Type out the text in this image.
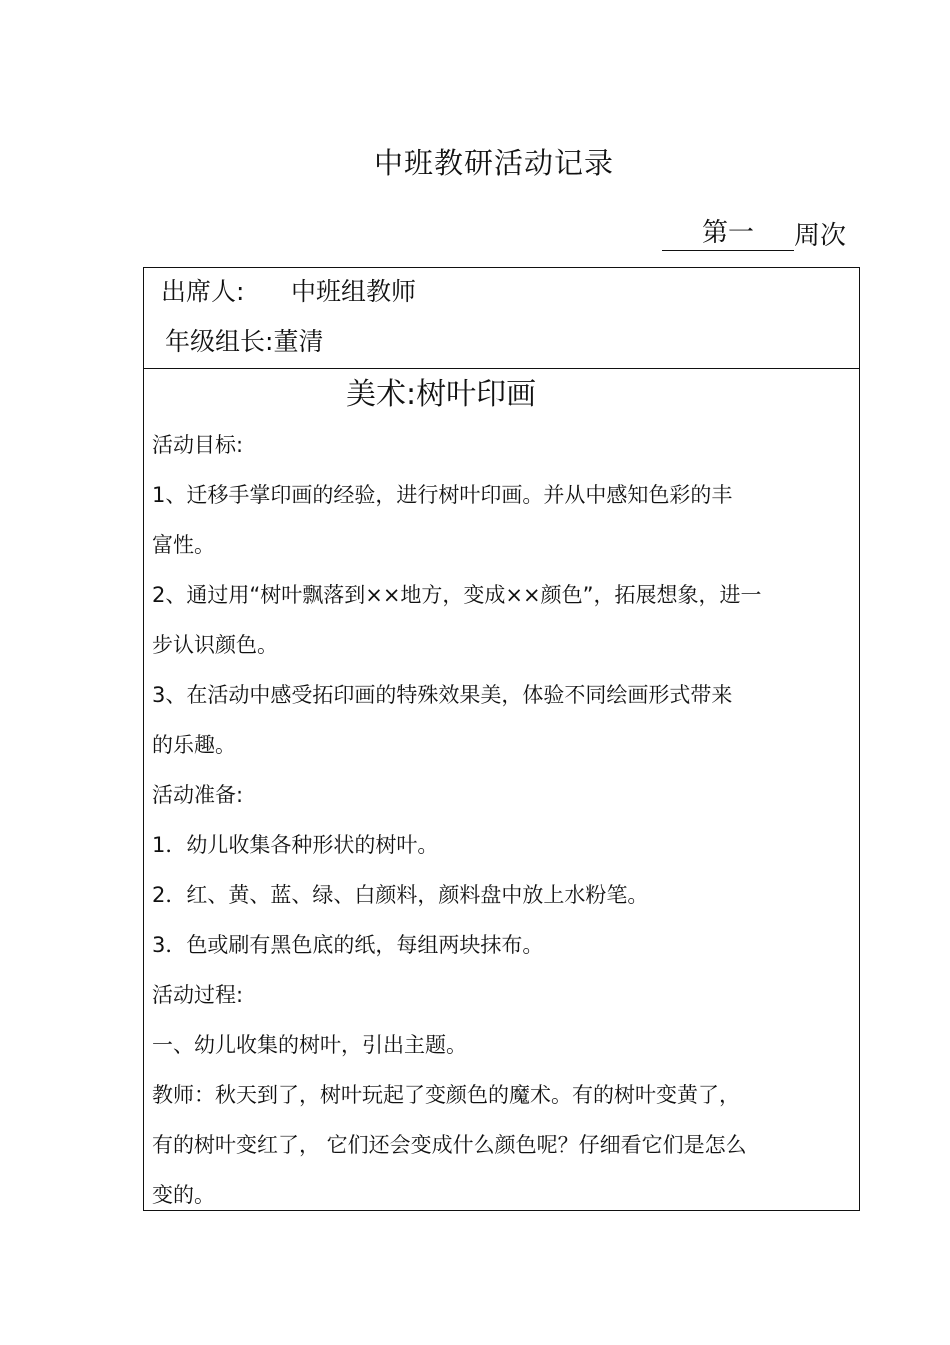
中班教研活动记录
第一 周次
出席人: 中班组教师
年级组长:董清
美术:树叶印画
活动目标:
1、迁移手掌印画的经验，进行树叶印画。并从中感知色彩的丰
富性。
2、通过用“树叶飘落到××地方，变成××颜色”，拓展想象，进一
步认识颜色。
3、在活动中感受拓印画的特殊效果美，体验不同绘画形式带来
的乐趣。
活动准备:
1．幼儿收集各种形状的树叶。
2．红、黄、蓝、绿、白颜料，颜料盘中放上水粉笔。
3．色或刷有黑色底的纸，每组两块抹布。
活动过程:
一、幼儿收集的树叶，引出主题。
教师：秋天到了，树叶玩起了变颜色的魔术。有的树叶变黄了，
有的树叶变红了， 它们还会变成什么颜色呢？仔细看它们是怎么
变的。
